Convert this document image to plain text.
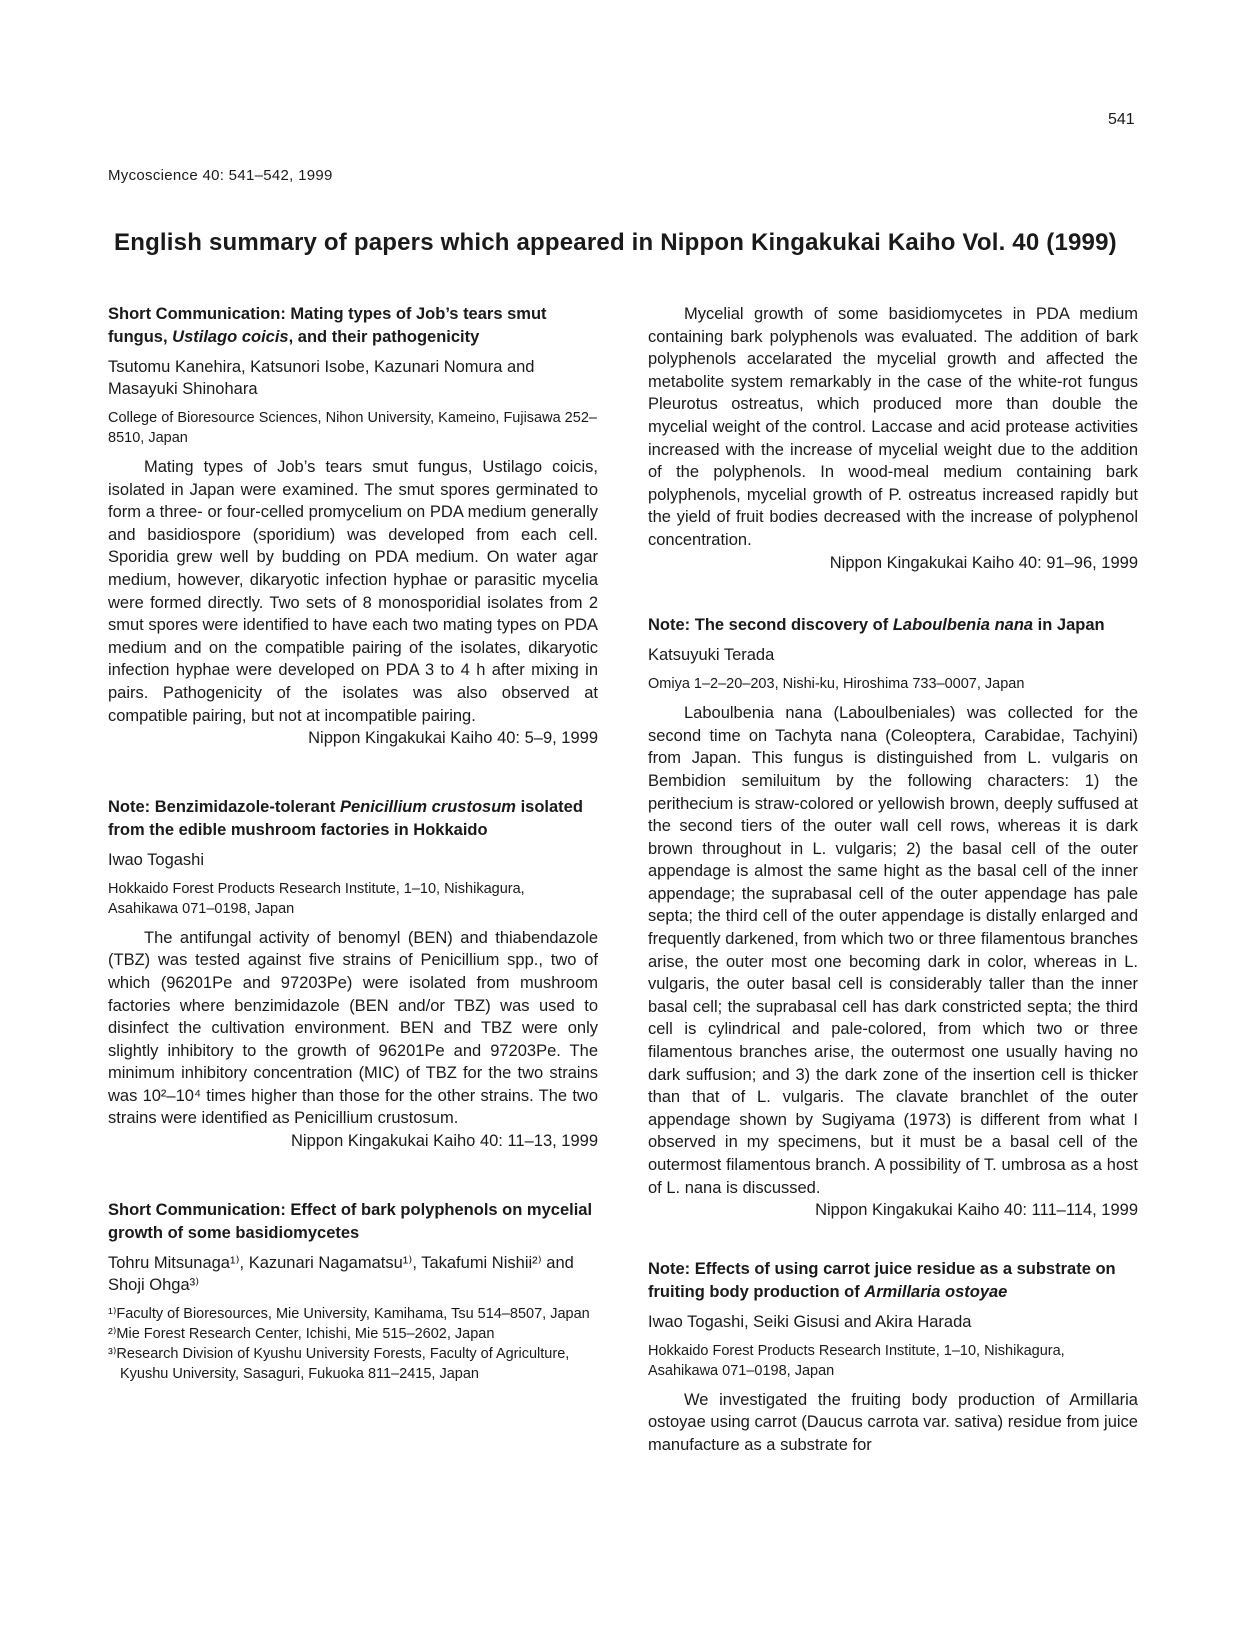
541
Mycoscience 40: 541–542, 1999
English summary of papers which appeared in Nippon Kingakukai Kaiho Vol. 40 (1999)

Short Communication: Mating types of Job’s tears smut fungus, Ustilago coicis, and their pathogenicity

Tsutomu Kanehira, Katsunori Isobe, Kazunari Nomura and Masayuki Shinohara
College of Bioresource Sciences, Nihon University, Kameino, Fujisawa 252–8510, Japan
Mating types of Job’s tears smut fungus, Ustilago coicis, isolated in Japan were examined. The smut spores germinated to form a three- or four-celled promycelium on PDA medium generally and basidiospore (sporidium) was developed from each cell. Sporidia grew well by budding on PDA medium. On water agar medium, however, dikaryotic infection hyphae or parasitic mycelia were formed directly. Two sets of 8 monosporidial isolates from 2 smut spores were identified to have each two mating types on PDA medium and on the compatible pairing of the isolates, dikaryotic infection hyphae were developed on PDA 3 to 4 h after mixing in pairs. Pathogenicity of the isolates was also observed at compatible pairing, but not at incompatible pairing.
Nippon Kingakukai Kaiho 40: 5–9, 1999

Note: Benzimidazole-tolerant Penicillium crustosum isolated from the edible mushroom factories in Hokkaido

Iwao Togashi
Hokkaido Forest Products Research Institute, 1–10, Nishikagura, Asahikawa 071–0198, Japan
The antifungal activity of benomyl (BEN) and thiabendazole (TBZ) was tested against five strains of Penicillium spp., two of which (96201Pe and 97203Pe) were isolated from mushroom factories where benzimidazole (BEN and/or TBZ) was used to disinfect the cultivation environment. BEN and TBZ were only slightly inhibitory to the growth of 96201Pe and 97203Pe. The minimum inhibitory concentration (MIC) of TBZ for the two strains was 10²–10⁴ times higher than those for the other strains. The two strains were identified as Penicillium crustosum.
Nippon Kingakukai Kaiho 40: 11–13, 1999

Short Communication: Effect of bark polyphenols on mycelial growth of some basidiomycetes

Tohru Mitsunaga¹⁾, Kazunari Nagamatsu¹⁾, Takafumi Nishii²⁾ and Shoji Ohga³⁾
¹⁾Faculty of Bioresources, Mie University, Kamihama, Tsu 514–8507, Japan
²⁾Mie Forest Research Center, Ichishi, Mie 515–2602, Japan
³⁾Research Division of Kyushu University Forests, Faculty of Agriculture, Kyushu University, Sasaguri, Fukuoka 811–2415, Japan
Mycelial growth of some basidiomycetes in PDA medium containing bark polyphenols was evaluated. The addition of bark polyphenols accelarated the mycelial growth and affected the metabolite system remarkably in the case of the white-rot fungus Pleurotus ostreatus, which produced more than double the mycelial weight of the control. Laccase and acid protease activities increased with the increase of mycelial weight due to the addition of the polyphenols. In wood-meal medium containing bark polyphenols, mycelial growth of P. ostreatus increased rapidly but the yield of fruit bodies decreased with the increase of polyphenol concentration.
Nippon Kingakukai Kaiho 40: 91–96, 1999

Note: The second discovery of Laboulbenia nana in Japan

Katsuyuki Terada
Omiya 1–2–20–203, Nishi-ku, Hiroshima 733–0007, Japan
Laboulbenia nana (Laboulbeniales) was collected for the second time on Tachyta nana (Coleoptera, Carabidae, Tachyini) from Japan. This fungus is distinguished from L. vulgaris on Bembidion semiluitum by the following characters: 1) the perithecium is straw-colored or yellowish brown, deeply suffused at the second tiers of the outer wall cell rows, whereas it is dark brown throughout in L. vulgaris; 2) the basal cell of the outer appendage is almost the same hight as the basal cell of the inner appendage; the suprabasal cell of the outer appendage has pale septa; the third cell of the outer appendage is distally enlarged and frequently darkened, from which two or three filamentous branches arise, the outer most one becoming dark in color, whereas in L. vulgaris, the outer basal cell is considerably taller than the inner basal cell; the suprabasal cell has dark constricted septa; the third cell is cylindrical and pale-colored, from which two or three filamentous branches arise, the outermost one usually having no dark suffusion; and 3) the dark zone of the insertion cell is thicker than that of L. vulgaris. The clavate branchlet of the outer appendage shown by Sugiyama (1973) is different from what I observed in my specimens, but it must be a basal cell of the outermost filamentous branch. A possibility of T. umbrosa as a host of L. nana is discussed.
Nippon Kingakukai Kaiho 40: 111–114, 1999

Note: Effects of using carrot juice residue as a substrate on fruiting body production of Armillaria ostoyae

Iwao Togashi, Seiki Gisusi and Akira Harada
Hokkaido Forest Products Research Institute, 1–10, Nishikagura, Asahikawa 071–0198, Japan
We investigated the fruiting body production of Armillaria ostoyae using carrot (Daucus carrota var. sativa) residue from juice manufacture as a substrate for
